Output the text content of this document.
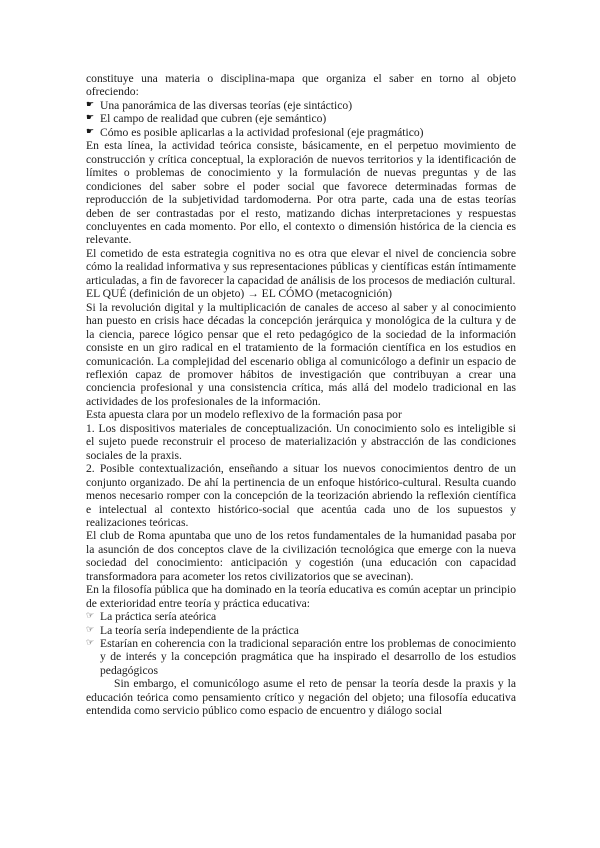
constituye una materia o disciplina-mapa que organiza el saber en torno al objeto ofreciendo:

☛ Una panorámica de las diversas teorías (eje sintáctico)
☛ El campo de realidad que cubren (eje semántico)
☛ Cómo es posible aplicarlas a la actividad profesional (eje pragmático)

En esta línea, la actividad teórica consiste, básicamente, en el perpetuo movimiento de construcción y crítica conceptual, la exploración de nuevos territorios y la identificación de límites o problemas de conocimiento y la formulación de nuevas preguntas y de las condiciones del saber sobre el poder social que favorece determinadas formas de reproducción de la subjetividad tardomoderna. Por otra parte, cada una de estas teorías deben de ser contrastadas por el resto, matizando dichas interpretaciones y respuestas concluyentes en cada momento. Por ello, el contexto o dimensión histórica de la ciencia es relevante.

El cometido de esta estrategia cognitiva no es otra que elevar el nivel de conciencia sobre cómo la realidad informativa y sus representaciones públicas y científicas están íntimamente articuladas, a fin de favorecer la capacidad de análisis de los procesos de mediación cultural.

EL QUÉ (definición de un objeto) → EL CÓMO (metacognición)

Si la revolución digital y la multiplicación de canales de acceso al saber y al conocimiento han puesto en crisis hace décadas la concepción jerárquica y monológica de la cultura y de la ciencia, parece lógico pensar que el reto pedagógico de la sociedad de la información consiste en un giro radical en el tratamiento de la formación científica en los estudios en comunicación. La complejidad del escenario obliga al comunicólogo a definir un espacio de reflexión capaz de promover hábitos de investigación que contribuyan a crear una conciencia profesional y una consistencia crítica, más allá del modelo tradicional en las actividades de los profesionales de la información.

Esta apuesta clara por un modelo reflexivo de la formación pasa por

1. Los dispositivos materiales de conceptualización. Un conocimiento solo es inteligible si el sujeto puede reconstruir el proceso de materialización y abstracción de las condiciones sociales de la praxis.

2. Posible contextualización, enseñando a situar los nuevos conocimientos dentro de un conjunto organizado. De ahí la pertinencia de un enfoque histórico-cultural. Resulta cuando menos necesario romper con la concepción de la teorización abriendo la reflexión científica e intelectual al contexto histórico-social que acentúa cada uno de los supuestos y realizaciones teóricas.

El club de Roma apuntaba que uno de los retos fundamentales de la humanidad pasaba por la asunción de dos conceptos clave de la civilización tecnológica que emerge con la nueva sociedad del conocimiento: anticipación y cogestión (una educación con capacidad transformadora para acometer los retos civilizatorios que se avecinan).

En la filosofía pública que ha dominado en la teoría educativa es común aceptar un principio de exterioridad entre teoría y práctica educativa:

☞ La práctica sería ateórica
☞ La teoría sería independiente de la práctica
☞ Estarían en coherencia con la tradicional separación entre los problemas de conocimiento y de interés y la concepción pragmática que ha inspirado el desarrollo de los estudios pedagógicos

Sin embargo, el comunicólogo asume el reto de pensar la teoría desde la praxis y la educación teórica como pensamiento crítico y negación del objeto; una filosofía educativa entendida como servicio público como espacio de encuentro y diálogo social
